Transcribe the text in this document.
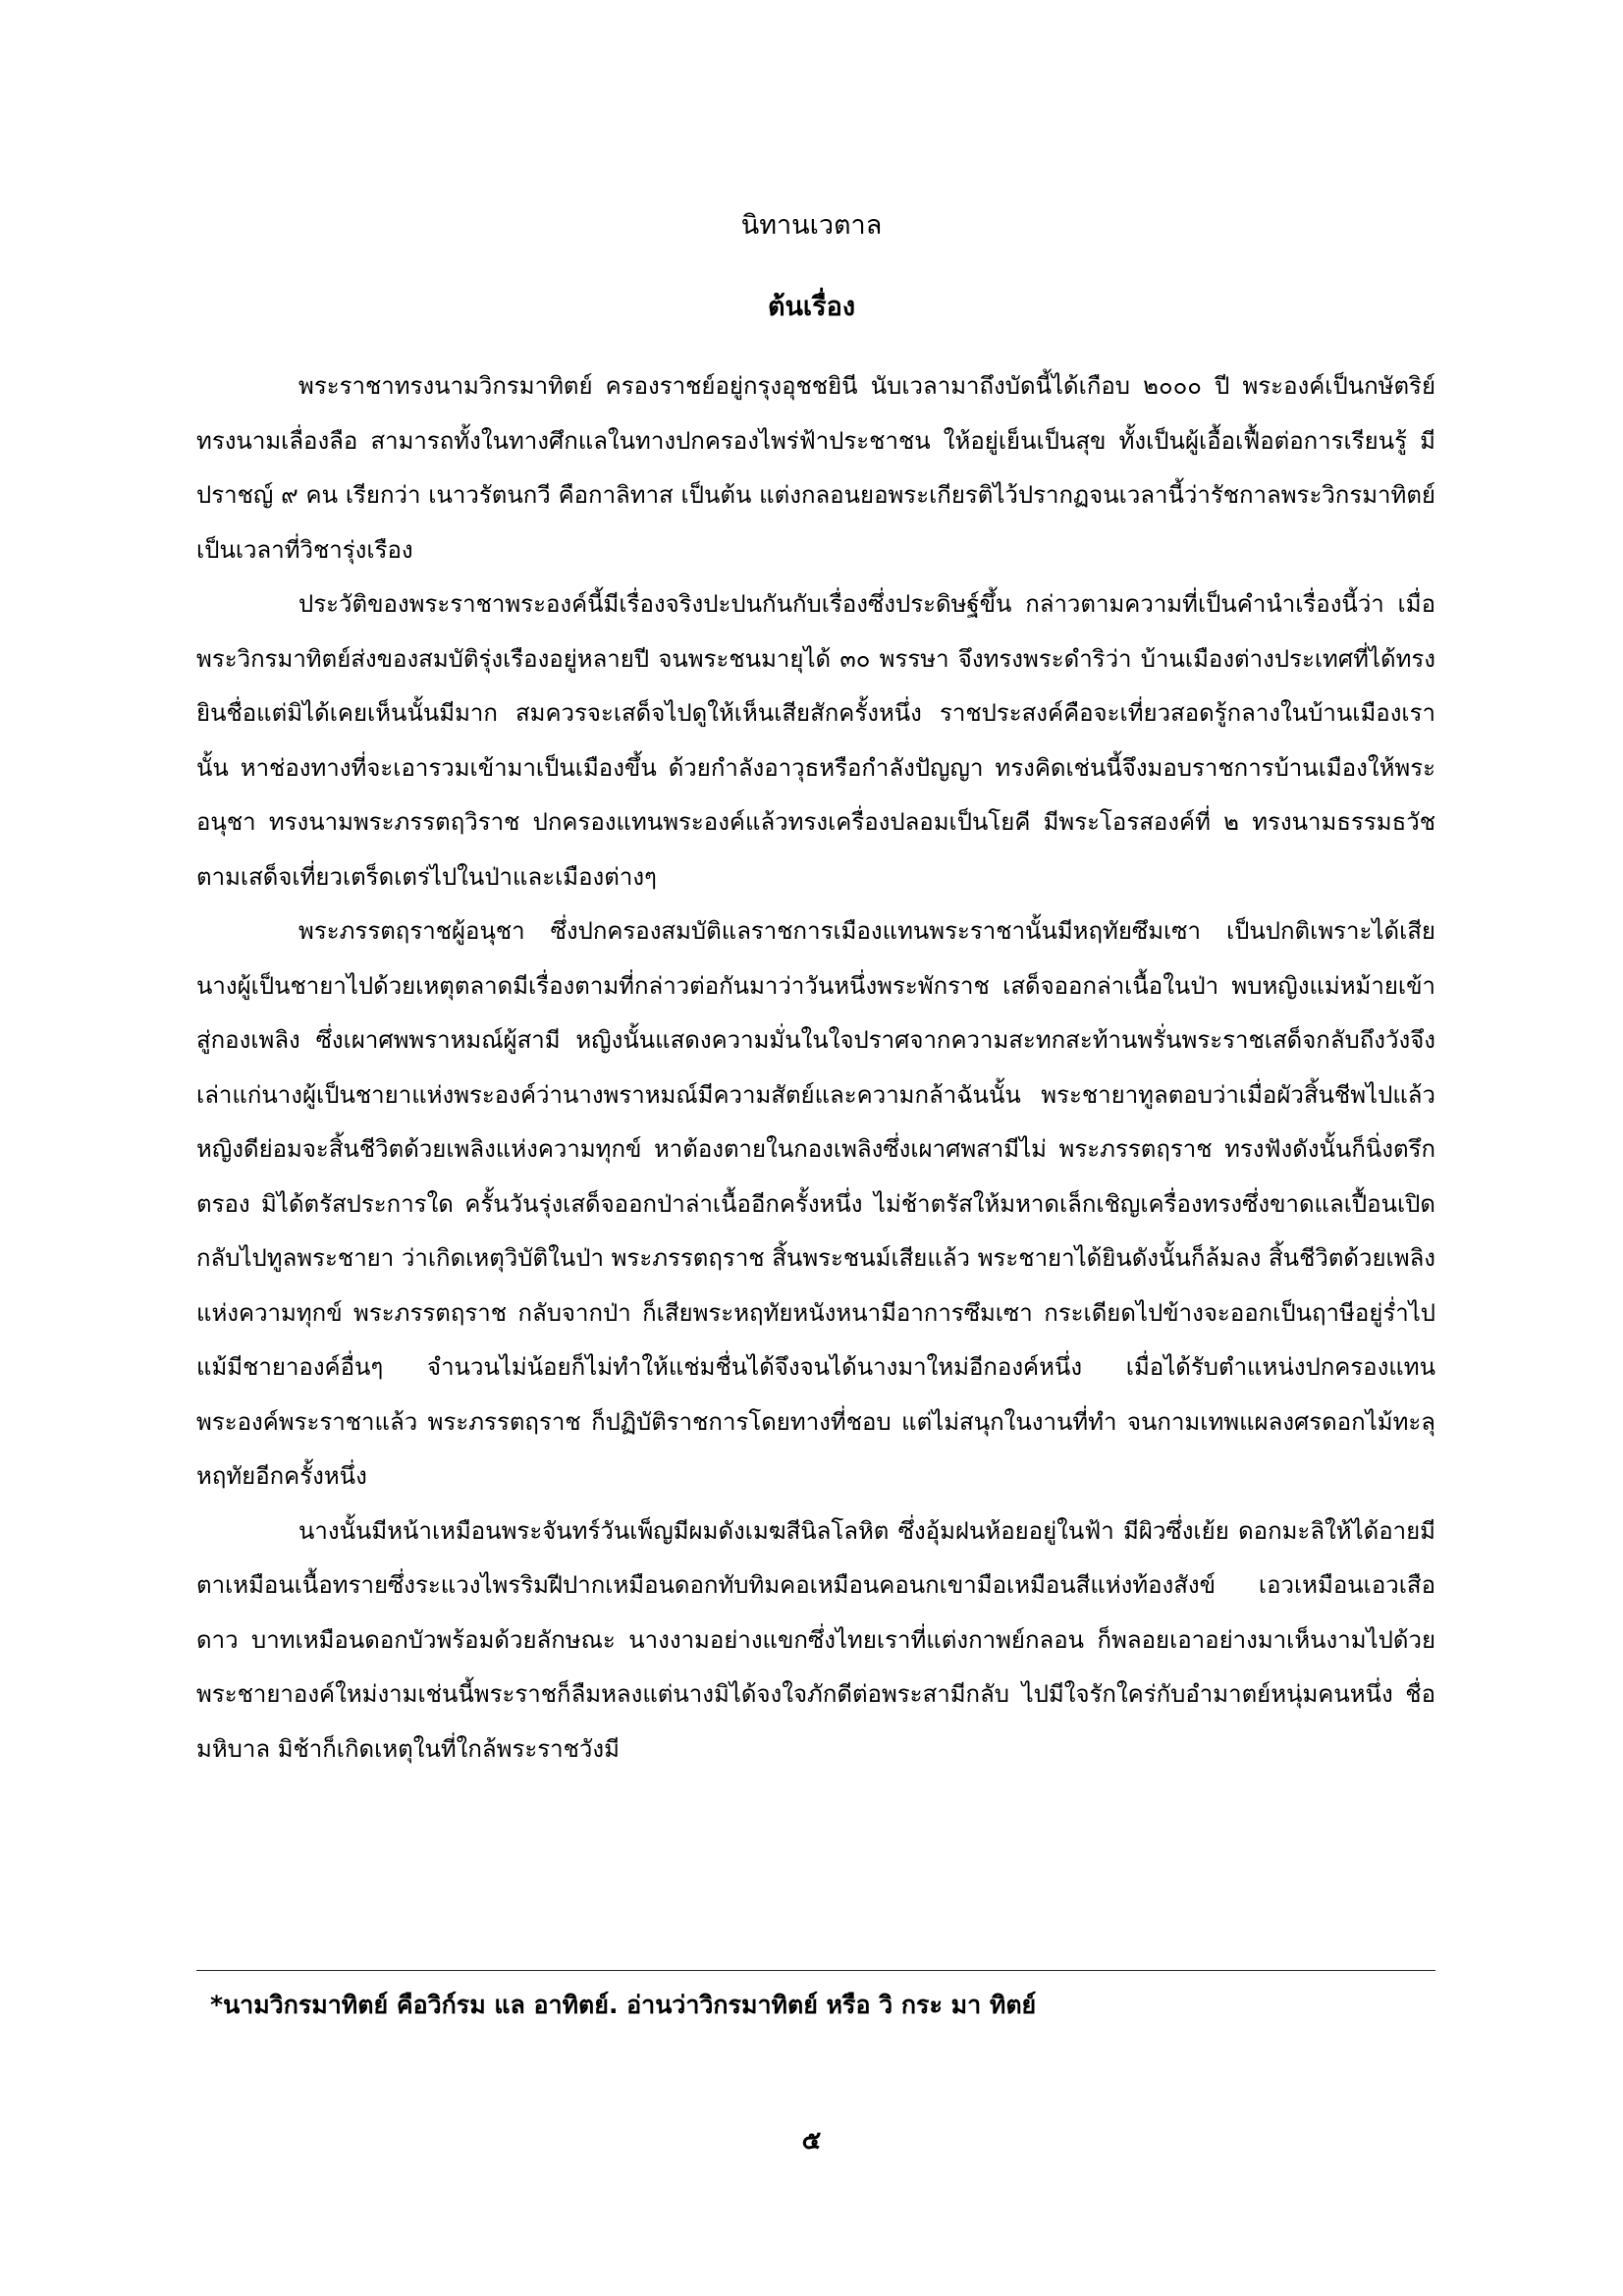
นิทานเวตาล
ต้นเรื่อง

พระราชาทรงนามวิกรมาทิตย์ ครองราชย์อยู่กรุงอุชชยินี นับเวลามาถึงบัดนี้ได้เกือบ ๒๐๐๐ ปี พระองค์เป็นกษัตริย์ทรงนามเลื่องลือ สามารถทั้งในทางศึกแลในทางปกครองไพร่ฟ้าประชาชน ให้อยู่เย็นเป็นสุข ทั้งเป็นผู้เอื้อเฟื้อต่อการเรียนรู้ มีปราชญ์ ๙ คน เรียกว่า เนาวรัตนกวี คือกาลิทาส เป็นต้น แต่งกลอนยอพระเกียรติไว้ปรากฏจนเวลานี้ว่ารัชกาลพระวิกรมาทิตย์เป็นเวลาที่วิชารุ่งเรือง

ประวัติของพระราชาพระองค์นี้มีเรื่องจริงปะปนกันกับเรื่องซึ่งประดิษฐ์ขึ้น กล่าวตามความที่เป็นคำนำเรื่องนี้ว่า เมื่อพระวิกรมาทิตย์ส่งของสมบัติรุ่งเรืองอยู่หลายปี จนพระชนมายุได้ ๓๐ พรรษา จึงทรงพระดำริว่า บ้านเมืองต่างประเทศที่ได้ทรงยินชื่อแต่มิได้เคยเห็นนั้นมีมาก สมควรจะเสด็จไปดูให้เห็นเสียสักครั้งหนึ่ง ราชประสงค์คือจะเที่ยวสอดรู้กลางในบ้านเมืองเรานั้น หาช่องทางที่จะเอารวมเข้ามาเป็นเมืองขึ้น ด้วยกำลังอาวุธหรือกำลังปัญญา ทรงคิดเช่นนี้จึงมอบราชการบ้านเมืองให้พระอนุชา ทรงนามพระภรรตฤวิราช ปกครองแทนพระองค์แล้วทรงเครื่องปลอมเป็นโยคี มีพระโอรสองค์ที่ ๒ ทรงนามธรรมธวัชตามเสด็จเที่ยวเตร็ดเตร่ไปในป่าและเมืองต่างๆ

พระภรรตฤราชผู้อนุชา ซึ่งปกครองสมบัติแลราชการเมืองแทนพระราชานั้นมีหฤทัยซึมเซา เป็นปกติเพราะได้เสียนางผู้เป็นชายาไปด้วยเหตุตลาดมีเรื่องตามที่กล่าวต่อกันมาว่าวันหนึ่งพระพักราช เสด็จออกล่าเนื้อในป่า พบหญิงแม่หม้ายเข้าสู่กองเพลิง ซึ่งเผาศพพราหมณ์ผู้สามี หญิงนั้นแสดงความมั่นในใจปราศจากความสะทกสะท้านพรั่นพระราชเสด็จกลับถึงวังจึงเล่าแก่นางผู้เป็นชายาแห่งพระองค์ว่านางพราหมณ์มีความสัตย์และความกล้าฉันนั้น พระชายาทูลตอบว่าเมื่อผัวสิ้นชีพไปแล้ว หญิงดีย่อมจะสิ้นชีวิตด้วยเพลิงแห่งความทุกข์ หาต้องตายในกองเพลิงซึ่งเผาศพสามีไม่ พระภรรตฤราช ทรงฟังดังนั้นก็นิ่งตรึกตรอง มิได้ตรัสประการใด ครั้นวันรุ่งเสด็จออกป่าล่าเนื้ออีกครั้งหนึ่ง ไม่ช้าตรัสให้มหาดเล็กเชิญเครื่องทรงซึ่งขาดแลเปื้อนเปิดกลับไปทูลพระชายา ว่าเกิดเหตุวิบัติในป่า พระภรรตฤราช สิ้นพระชนม์เสียแล้ว พระชายาได้ยินดังนั้นก็ล้มลง สิ้นชีวิตด้วยเพลิงแห่งความทุกข์ พระภรรตฤราช กลับจากป่า ก็เสียพระหฤทัยหนังหนามีอาการซึมเซา กระเดียดไปข้างจะออกเป็นฤาษีอยู่ร่ำไป แม้มีชายาองค์อื่นๆ จำนวนไม่น้อยก็ไม่ทำให้แช่มชื่นได้จึงจนได้นางมาใหม่อีกองค์หนึ่ง เมื่อได้รับตำแหน่งปกครองแทนพระองค์พระราชาแล้ว พระภรรตฤราช ก็ปฏิบัติราชการโดยทางที่ชอบ แต่ไม่สนุกในงานที่ทำ จนกามเทพแผลงศรดอกไม้ทะลุหฤทัยอีกครั้งหนึ่ง

นางนั้นมีหน้าเหมือนพระจันทร์วันเพ็ญมีผมดังเมฆสีนิลโลหิต ซึ่งอุ้มฝนห้อยอยู่ในฟ้า มีผิวซึ่งเย้ย ดอกมะลิให้ได้อายมีตาเหมือนเนื้อทรายซึ่งระแวงไพรริมฝีปากเหมือนดอกทับทิมคอเหมือนคอนกเขามือเหมือนสีแห่งท้องสังข์ เอวเหมือนเอวเสือดาว บาทเหมือนดอกบัวพร้อมด้วยลักษณะ นางงามอย่างแขกซึ่งไทยเราที่แต่งกาพย์กลอน ก็พลอยเอาอย่างมาเห็นงามไปด้วย พระชายาองค์ใหม่งามเช่นนี้พระราชก็ลืมหลงแต่นางมิได้จงใจภักดีต่อพระสามีกลับ ไปมีใจรักใคร่กับอำมาตย์หนุ่มคนหนึ่ง ชื่อ มหิบาล มิช้าก็เกิดเหตุในที่ใกล้พระราชวังมี

*นามวิกรมาทิตย์ คือวิก์รม แล อาทิตย์. อ่านว่าวิกรมาทิตย์ หรือ วิ กระ มา ทิตย์
๕
